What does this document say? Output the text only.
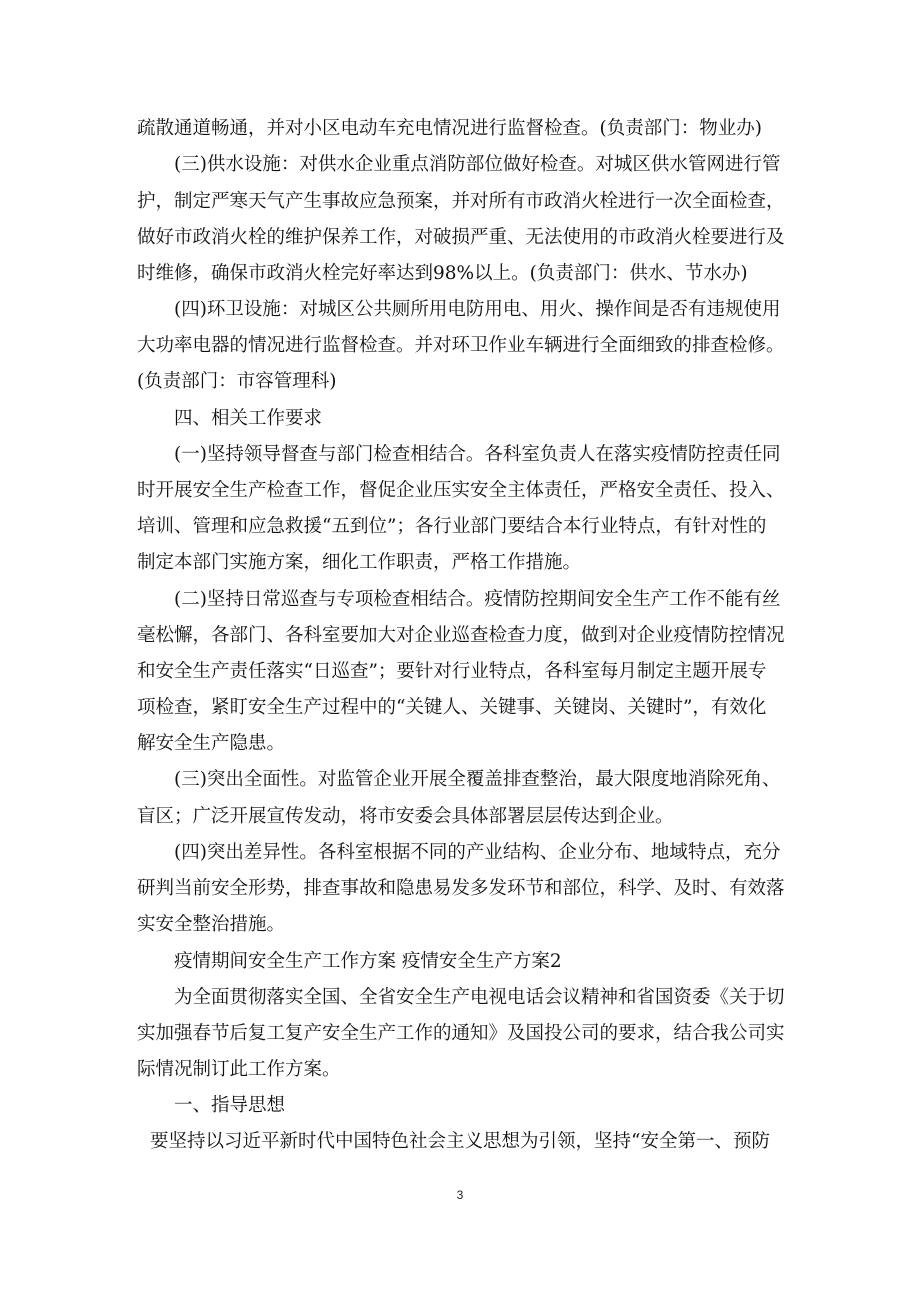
疏散通道畅通，并对小区电动车充电情况进行监督检查。(负责部门：物业办)
(三)供水设施：对供水企业重点消防部位做好检查。对城区供水管网进行管
护，制定严寒天气产生事故应急预案，并对所有市政消火栓进行一次全面检查，
做好市政消火栓的维护保养工作，对破损严重、无法使用的市政消火栓要进行及
时维修，确保市政消火栓完好率达到98%以上。(负责部门：供水、节水办)
(四)环卫设施：对城区公共厕所用电防用电、用火、操作间是否有违规使用
大功率电器的情况进行监督检查。并对环卫作业车辆进行全面细致的排查检修。
(负责部门：市容管理科)
四、相关工作要求
(一)坚持领导督查与部门检查相结合。各科室负责人在落实疫情防控责任同
时开展安全生产检查工作，督促企业压实安全主体责任，严格安全责任、投入、
培训、管理和应急救援“五到位”；各行业部门要结合本行业特点，有针对性的
制定本部门实施方案，细化工作职责，严格工作措施。
(二)坚持日常巡查与专项检查相结合。疫情防控期间安全生产工作不能有丝
毫松懈，各部门、各科室要加大对企业巡查检查力度，做到对企业疫情防控情况
和安全生产责任落实“日巡查”；要针对行业特点，各科室每月制定主题开展专
项检查，紧盯安全生产过程中的“关键人、关键事、关键岗、关键时”，有效化
解安全生产隐患。
(三)突出全面性。对监管企业开展全覆盖排查整治，最大限度地消除死角、
盲区；广泛开展宣传发动，将市安委会具体部署层层传达到企业。
(四)突出差异性。各科室根据不同的产业结构、企业分布、地域特点，充分
研判当前安全形势，排查事故和隐患易发多发环节和部位，科学、及时、有效落
实安全整治措施。
疫情期间安全生产工作方案 疫情安全生产方案2
为全面贯彻落实全国、全省安全生产电视电话会议精神和省国资委《关于切
实加强春节后复工复产安全生产工作的通知》及国投公司的要求，结合我公司实
际情况制订此工作方案。
一、指导思想
要坚持以习近平新时代中国特色社会主义思想为引领，坚持“安全第一、预防
3
